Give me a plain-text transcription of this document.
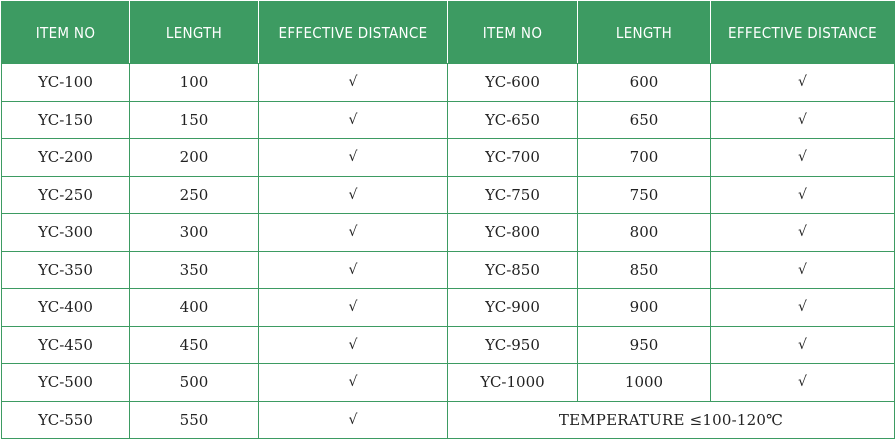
ITEM NO	LENGTH	EFFECTIVE DISTANCE	ITEM NO	LENGTH	EFFECTIVE DISTANCE
YC-100	100	√	YC-600	600	√
YC-150	150	√	YC-650	650	√
YC-200	200	√	YC-700	700	√
YC-250	250	√	YC-750	750	√
YC-300	300	√	YC-800	800	√
YC-350	350	√	YC-850	850	√
YC-400	400	√	YC-900	900	√
YC-450	450	√	YC-950	950	√
YC-500	500	√	YC-1000	1000	√
YC-550	550	√	TEMPERATURE ≤100-120℃		
